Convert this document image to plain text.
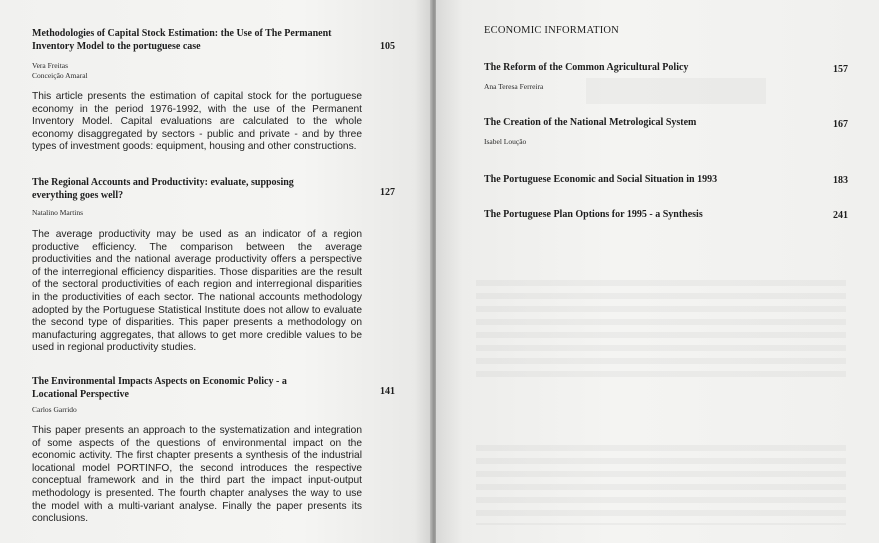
Methodologies of Capital Stock Estimation: the Use of The Permanent Inventory Model to the portuguese case	105
Vera Freitas
Conceição Amaral
This article presents the estimation of capital stock for the portuguese economy in the period 1976-1992, with the use of the Permanent Inventory Model. Capital evaluations are calculated to the whole economy disaggregated by sectors - public and private - and by three types of investment goods: equipment, housing and other constructions.
The Regional Accounts and Productivity: evaluate, supposing everything goes well?	127
Natalino Martins
The average productivity may be used as an indicator of a region productive efficiency. The comparison between the average productivities and the national average productivity offers a perspective of the interregional efficiency disparities. Those disparities are the result of the sectoral productivities of each region and interregional disparities in the productivities of each sector. The national accounts methodology adopted by the Portuguese Statistical Institute does not allow to evaluate the second type of disparities. This paper presents a methodology on manufacturing aggregates, that allows to get more credible values to be used in regional productivity studies.
The Environmental Impacts Aspects on Economic Policy - a Locational Perspective	141
Carlos Garrido
This paper presents an approach to the systematization and integration of some aspects of the questions of environmental impact on the economic activity. The first chapter presents a synthesis of the industrial locational model PORTINFO, the second introduces the respective conceptual framework and in the third part the impact input-output methodology is presented. The fourth chapter analyses the way to use the model with a multi-variant analyse. Finally the paper presents its conclusions.
ECONOMIC INFORMATION
The Reform of the Common Agricultural Policy	157
Ana Teresa Ferreira
The Creation of the National Metrological System	167
Isabel Loução
The Portuguese Economic and Social Situation in 1993	183
The Portuguese Plan Options for 1995 - a Synthesis	241
